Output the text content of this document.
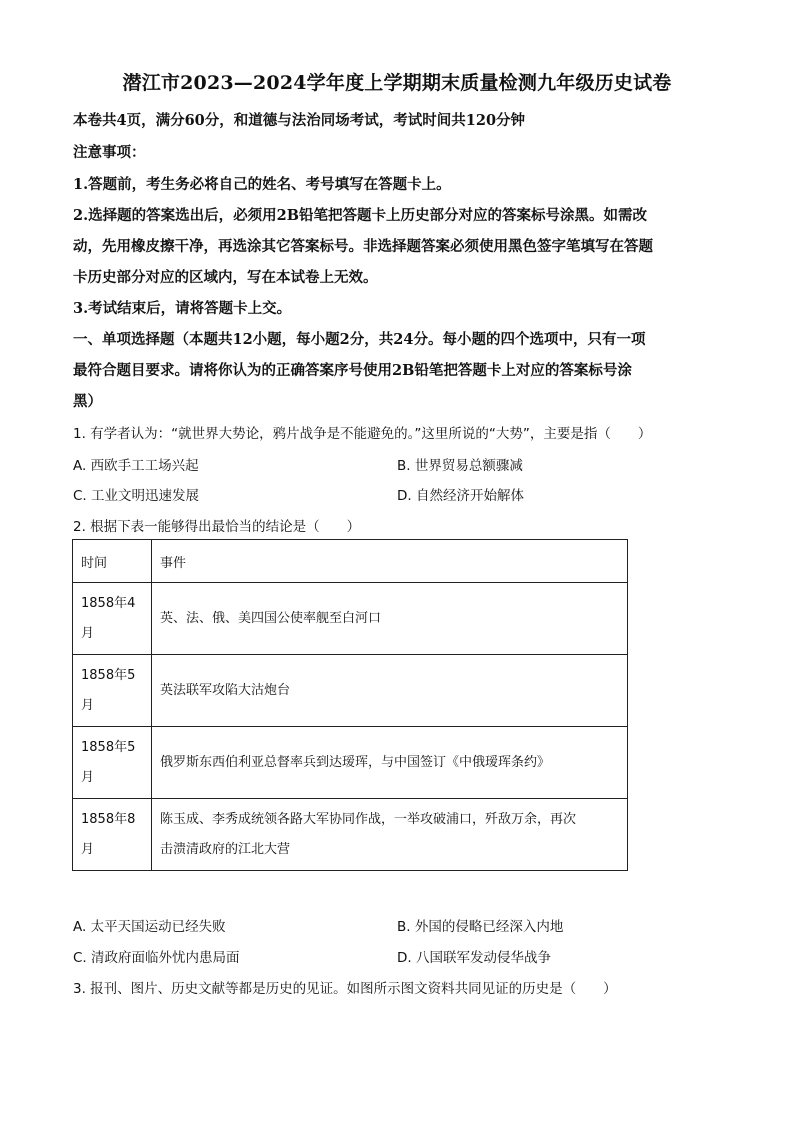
潜江市2023—2024学年度上学期期末质量检测九年级历史试卷
本卷共4页，满分60分，和道德与法治同场考试，考试时间共120分钟
注意事项：
1.答题前，考生务必将自己的姓名、考号填写在答题卡上。
2.选择题的答案选出后，必须用2B铅笔把答题卡上历史部分对应的答案标号涂黑。如需改
动，先用橡皮擦干净，再选涂其它答案标号。非选择题答案必须使用黑色签字笔填写在答题
卡历史部分对应的区域内，写在本试卷上无效。
3.考试结束后，请将答题卡上交。
一、单项选择题（本题共12小题，每小题2分，共24分。每小题的四个选项中，只有一项
最符合题目要求。请将你认为的正确答案序号使用2B铅笔把答题卡上对应的答案标号涂
黑）
1. 有学者认为：“就世界大势论，鸦片战争是不能避免的。”这里所说的“大势”，主要是指（　　）
A. 西欧手工工场兴起	B. 世界贸易总额骤减
C. 工业文明迅速发展	D. 自然经济开始解体
2. 根据下表一能够得出最恰当的结论是（　　）
时间	事件
1858年4
月	英、法、俄、美四国公使率舰至白河口
1858年5
月	英法联军攻陷大沽炮台
1858年5
月	俄罗斯东西伯利亚总督率兵到达瑷珲，与中国签订《中俄瑷珲条约》
1858年8
月	陈玉成、李秀成统领各路大军协同作战，一举攻破浦口，歼敌万余，再次
击溃清政府的江北大营
A. 太平天国运动已经失败	B. 外国的侵略已经深入内地
C. 清政府面临外忧内患局面	D. 八国联军发动侵华战争
3. 报刊、图片、历史文献等都是历史的见证。如图所示图文资料共同见证的历史是（　　）
